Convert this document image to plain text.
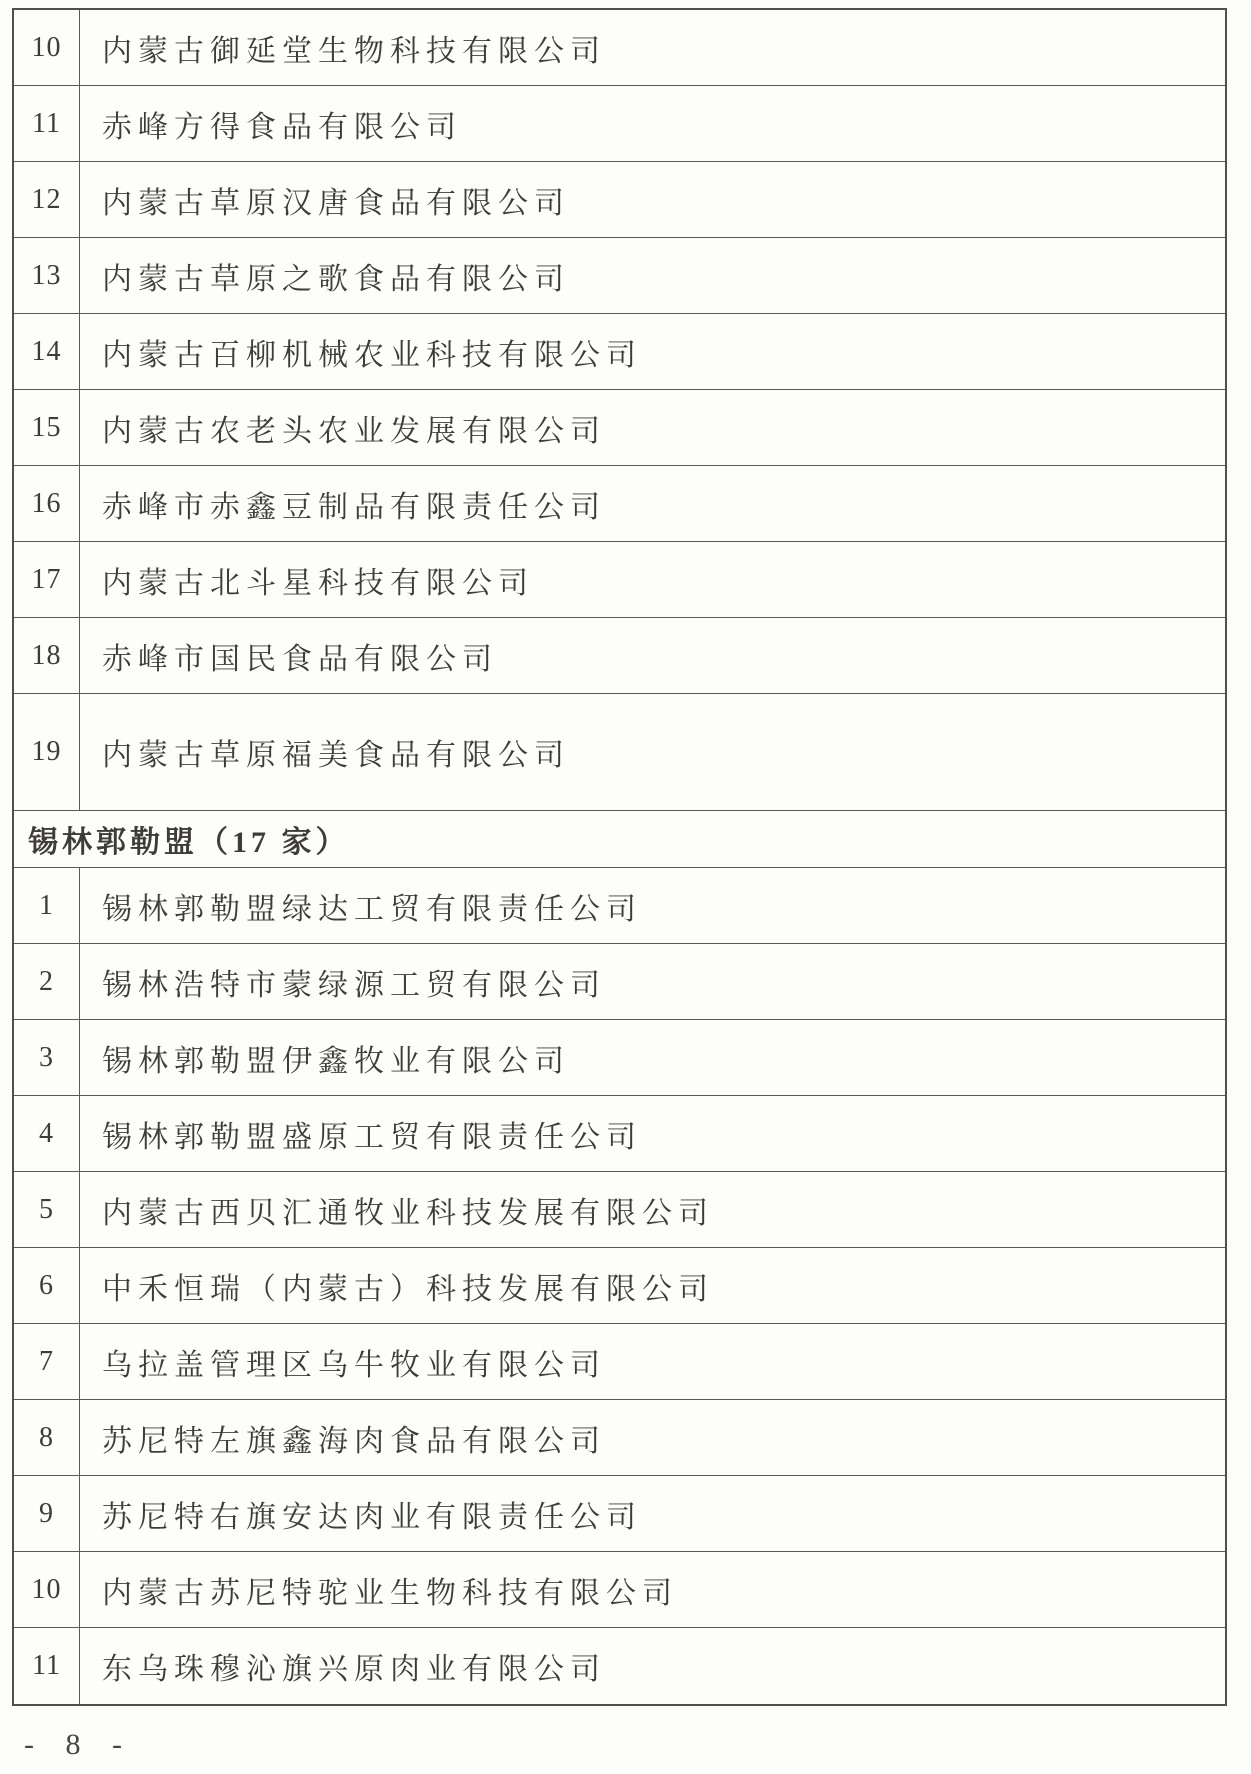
10	内蒙古御延堂生物科技有限公司
11	赤峰方得食品有限公司
12	内蒙古草原汉唐食品有限公司
13	内蒙古草原之歌食品有限公司
14	内蒙古百柳机械农业科技有限公司
15	内蒙古农老头农业发展有限公司
16	赤峰市赤鑫豆制品有限责任公司
17	内蒙古北斗星科技有限公司
18	赤峰市国民食品有限公司
19	内蒙古草原福美食品有限公司
锡林郭勒盟（17 家）
1	锡林郭勒盟绿达工贸有限责任公司
2	锡林浩特市蒙绿源工贸有限公司
3	锡林郭勒盟伊鑫牧业有限公司
4	锡林郭勒盟盛原工贸有限责任公司
5	内蒙古西贝汇通牧业科技发展有限公司
6	中禾恒瑞（内蒙古）科技发展有限公司
7	乌拉盖管理区乌牛牧业有限公司
8	苏尼特左旗鑫海肉食品有限公司
9	苏尼特右旗安达肉业有限责任公司
10	内蒙古苏尼特驼业生物科技有限公司
11	东乌珠穆沁旗兴原肉业有限公司
- 8 -
